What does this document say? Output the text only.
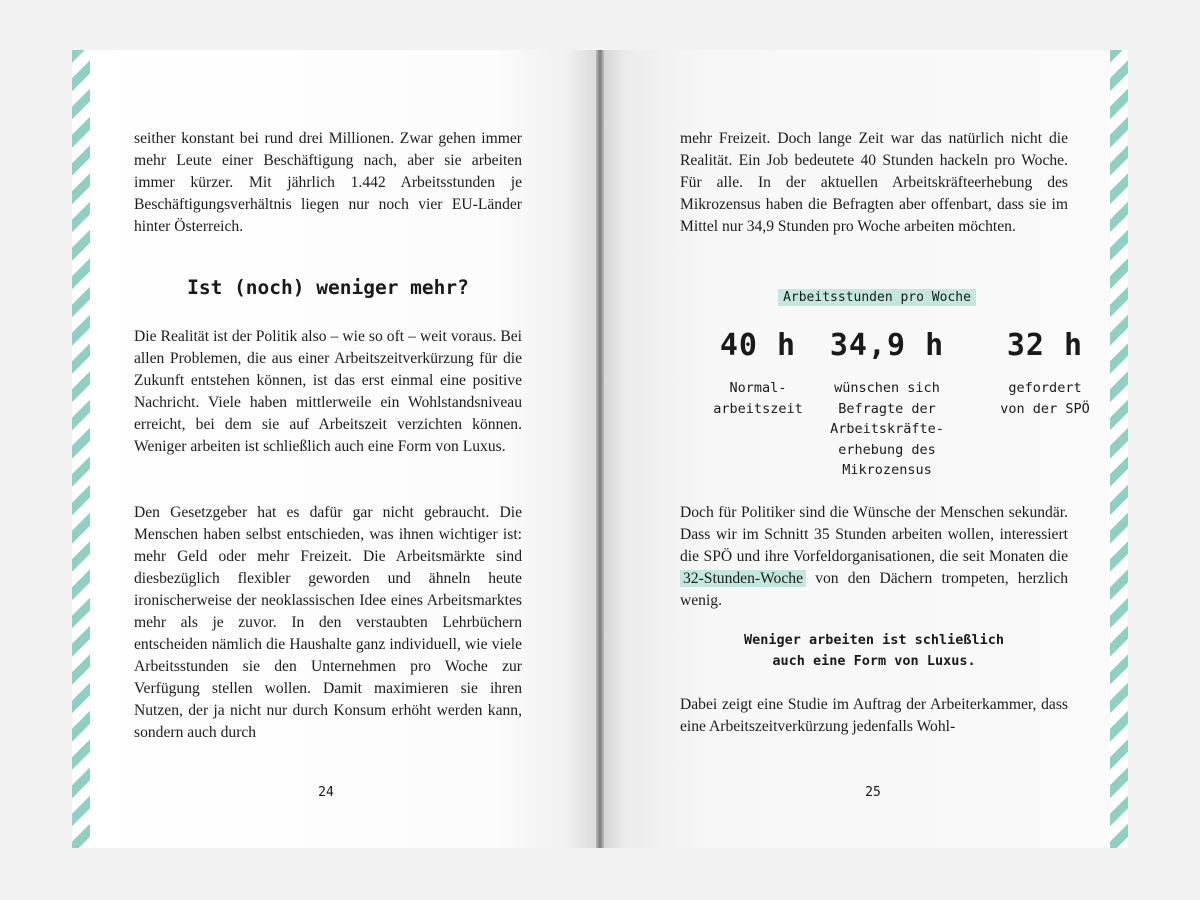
seither konstant bei rund drei Millionen. Zwar gehen immer mehr Leute einer Beschäftigung nach, aber sie arbeiten immer kürzer. Mit jährlich 1.442 Arbeitsstunden je Beschäftigungsverhältnis liegen nur noch vier EU-Länder hinter Österreich.

Ist (noch) weniger mehr?

Die Realität ist der Politik also – wie so oft – weit voraus. Bei allen Problemen, die aus einer Arbeitszeitverkürzung für die Zukunft entstehen können, ist das erst einmal eine positive Nachricht. Viele haben mittlerweile ein Wohlstandsniveau erreicht, bei dem sie auf Arbeitszeit verzichten können. Weniger arbeiten ist schließlich auch eine Form von Luxus.

Den Gesetzgeber hat es dafür gar nicht gebraucht. Die Menschen haben selbst entschieden, was ihnen wichtiger ist: mehr Geld oder mehr Freizeit. Die Arbeitsmärkte sind diesbezüglich flexibler geworden und ähneln heute ironischerweise der neoklassischen Idee eines Arbeitsmarktes mehr als je zuvor. In den verstaubten Lehrbüchern entscheiden nämlich die Haushalte ganz individuell, wie viele Arbeitsstunden sie den Unternehmen pro Woche zur Verfügung stellen wollen. Damit maximieren sie ihren Nutzen, der ja nicht nur durch Konsum erhöht werden kann, sondern auch durch

24

mehr Freizeit. Doch lange Zeit war das natürlich nicht die Realität. Ein Job bedeutete 40 Stunden hackeln pro Woche. Für alle. In der aktuellen Arbeitskräfteerhebung des Mikrozensus haben die Befragten aber offenbart, dass sie im Mittel nur 34,9 Stunden pro Woche arbeiten möchten.

Arbeitsstunden pro Woche
40 h
Normal-
arbeitszeit
34,9 h
wünschen sich
Befragte der
Arbeitskräfte-
erhebung des
Mikrozensus
32 h
gefordert
von der SPÖ

Doch für Politiker sind die Wünsche der Menschen sekundär. Dass wir im Schnitt 35 Stunden arbeiten wollen, interessiert die SPÖ und ihre Vorfeldorganisationen, die seit Monaten die 32-Stunden-Woche von den Dächern trompeten, herzlich wenig.

Weniger arbeiten ist schließlich
auch eine Form von Luxus.

Dabei zeigt eine Studie im Auftrag der Arbeiterkammer, dass eine Arbeitszeitverkürzung jedenfalls Wohl-

25
